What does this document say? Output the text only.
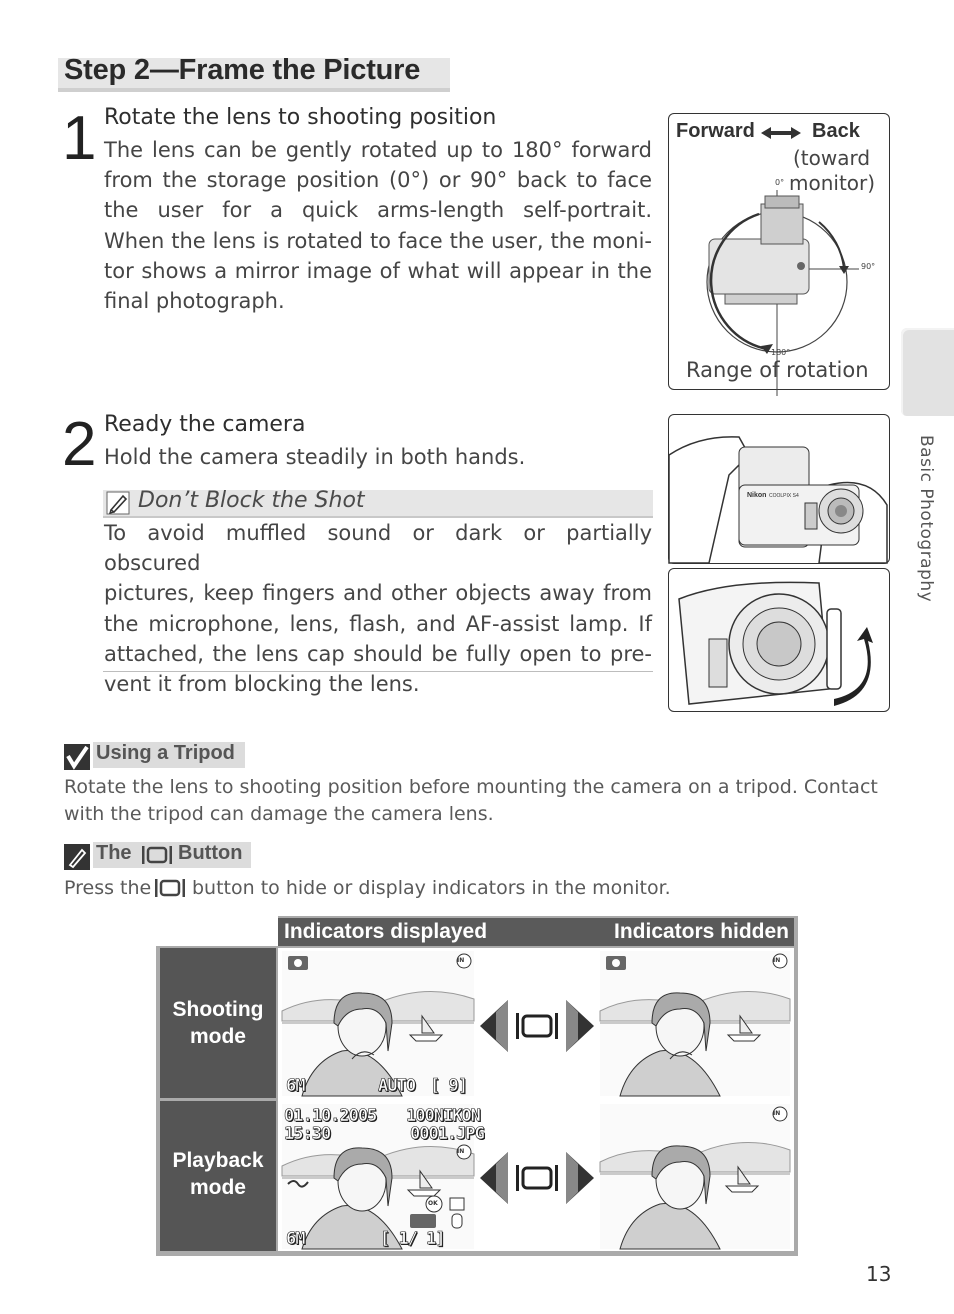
Step 2—Frame the Picture
1 Rotate the lens to shooting position
The lens can be gently rotated up to 180° forward
from the storage position (0°) or 90° back to face
the user for a quick arms-length self-portrait.
When the lens is rotated to face the user, the moni-
tor shows a mirror image of what will appear in the
final photograph.
Forward	Back
(toward
monitor)
0°
90°
180°
Range of rotation
Basic Photography
2 Ready the camera
Hold the camera steadily in both hands.
Don’t Block the Shot
To avoid muffled sound or dark or partially obscured
pictures, keep fingers and other objects away from
the microphone, lens, flash, and AF-assist lamp. If
attached, the lens cap should be fully open to pre-
vent it from blocking the lens.
Nikon COOLPIX S4
Using a Tripod
Rotate the lens to shooting position before mounting the camera on a tripod. Contact
with the tripod can damage the camera lens.
The Button
Press the button to hide or display indicators in the monitor.
Indicators displayed	Indicators hidden
Shooting
mode
Playback
mode
IN
6M	AUTO [ 9]
IN
IN
OK
01.10.2005
15:30
100NIKON
0001.JPG
6M	[ 1/ 1]
IN
13
